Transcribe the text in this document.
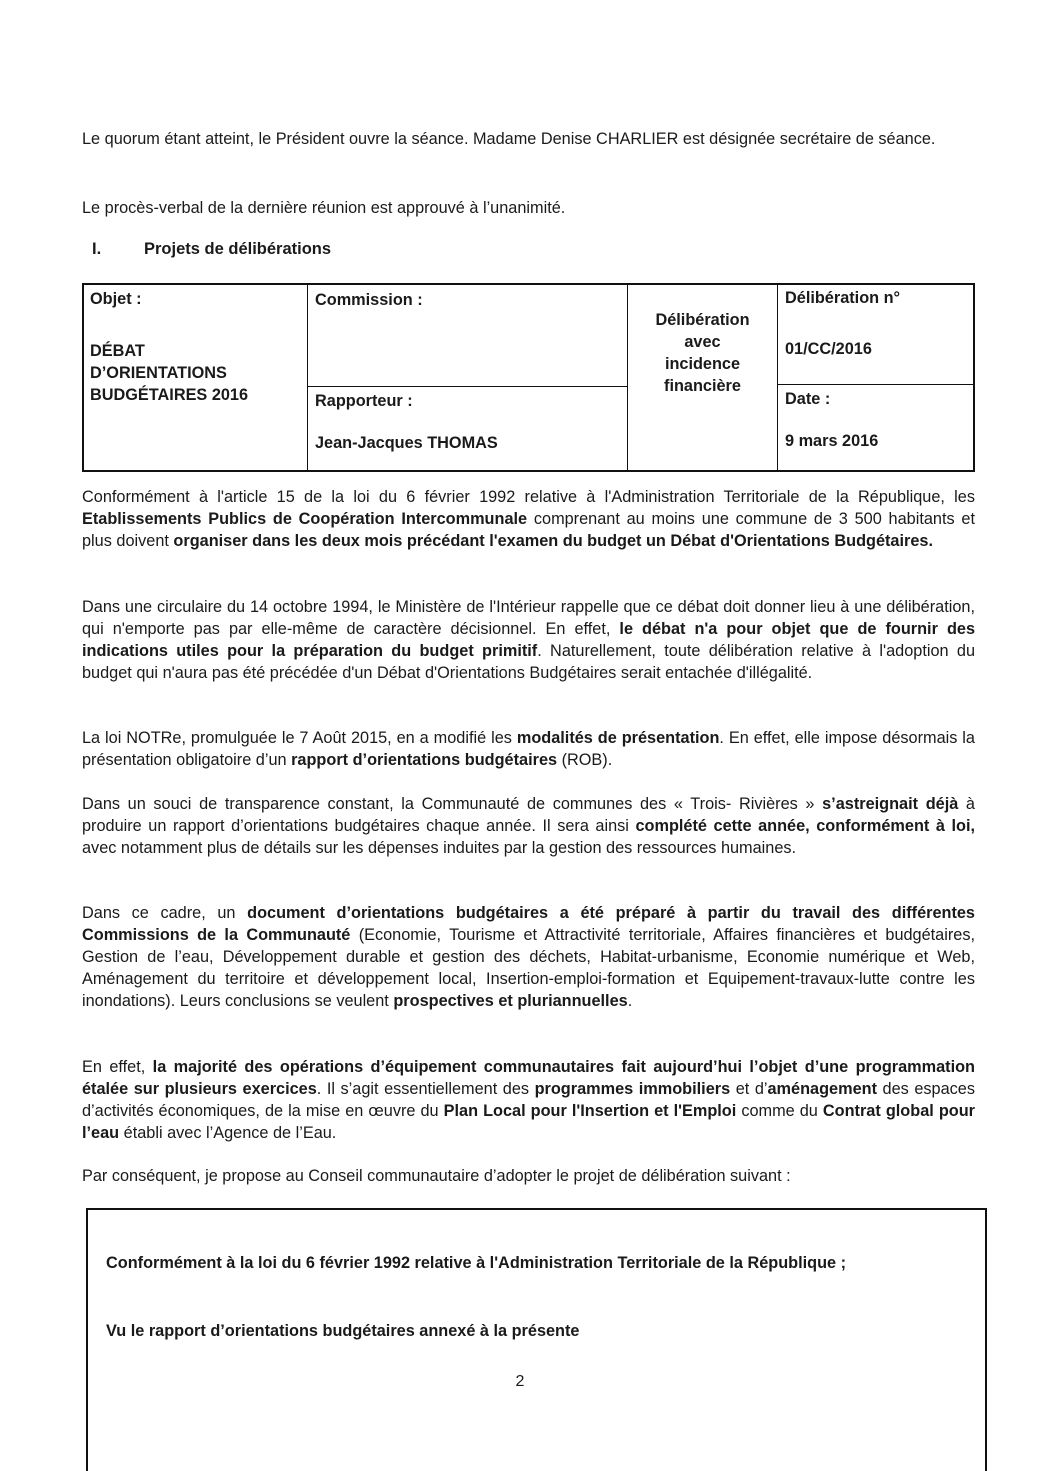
Le quorum étant atteint, le Président ouvre la séance. Madame Denise CHARLIER est désignée secrétaire de séance.

Le procès-verbal de la dernière réunion est approuvé à l’unanimité.

I.	Projets de délibérations
Objet :
DÉBAT
D’ORIENTATIONS
BUDGÉTAIRES 2016
Commission :
Rapporteur :
Jean-Jacques THOMAS
Délibération
avec
incidence
financière
Délibération n°
01/CC/2016
Date :
9 mars 2016

Conformément à l'article 15 de la loi du 6 février 1992 relative à l'Administration Territoriale de la République, les Etablissements Publics de Coopération Intercommunale comprenant au moins une commune de 3 500 habitants et plus doivent organiser dans les deux mois précédant l'examen du budget un Débat d'Orientations Budgétaires.

Dans une circulaire du 14 octobre 1994, le Ministère de l'Intérieur rappelle que ce débat doit donner lieu à une délibération, qui n'emporte pas par elle-même de caractère décisionnel. En effet, le débat n'a pour objet que de fournir des indications utiles pour la préparation du budget primitif. Naturellement, toute délibération relative à l'adoption du budget qui n'aura pas été précédée d'un Débat d'Orientations Budgétaires serait entachée d'illégalité.

La loi NOTRe, promulguée le 7 Août 2015, en a modifié les modalités de présentation. En effet, elle impose désormais la présentation obligatoire d’un rapport d’orientations budgétaires (ROB).

Dans un souci de transparence constant, la Communauté de communes des « Trois- Rivières » s’astreignait déjà à produire un rapport d’orientations budgétaires chaque année. Il sera ainsi complété cette année, conformément à loi, avec notamment plus de détails sur les dépenses induites par la gestion des ressources humaines.

Dans ce cadre, un document d’orientations budgétaires a été préparé à partir du travail des différentes Commissions de la Communauté (Economie, Tourisme et Attractivité territoriale, Affaires financières et budgétaires, Gestion de l’eau, Développement durable et gestion des déchets, Habitat-urbanisme, Economie numérique et Web, Aménagement du territoire et développement local, Insertion-emploi-formation et Equipement-travaux-lutte contre les inondations). Leurs conclusions se veulent prospectives et pluriannuelles.

En effet, la majorité des opérations d’équipement communautaires fait aujourd’hui l’objet d’une programmation étalée sur plusieurs exercices. Il s’agit essentiellement des programmes immobiliers et d’aménagement des espaces d’activités économiques, de la mise en œuvre du Plan Local pour l'Insertion et l'Emploi comme du Contrat global pour l’eau établi avec l’Agence de l’Eau.

Par conséquent, je propose au Conseil communautaire d’adopter le projet de délibération suivant :

Conformément à la loi du 6 février 1992 relative à l'Administration Territoriale de la République ;

Vu le rapport d’orientations budgétaires annexé à la présente

2
